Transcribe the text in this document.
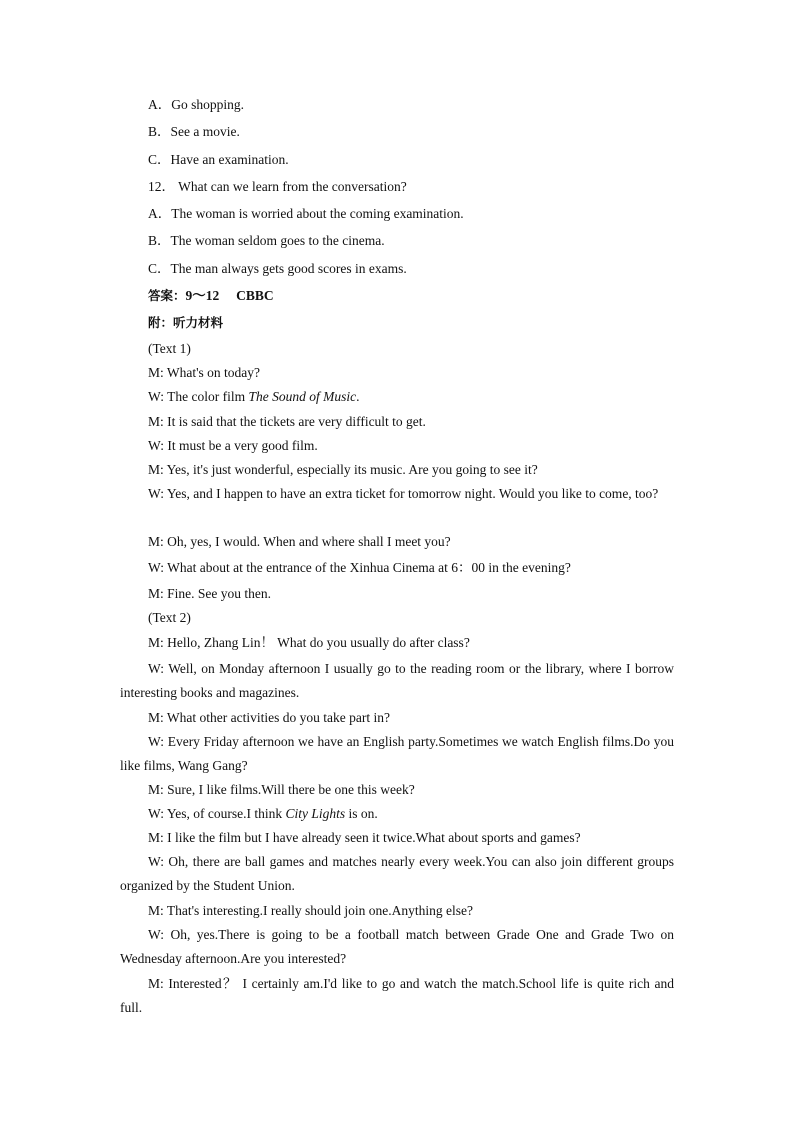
A．Go shopping.
B．See a movie.
C．Have an examination.
12． What can we learn from the conversation?
A．The woman is worried about the coming examination.
B．The woman seldom goes to the cinema.
C．The man always gets good scores in exams.
答案：9～12　 CBBC
附：听力材料
(Text 1)
M: What's on today?
W: The color film The Sound of Music.
M: It is said that the tickets are very difficult to get.
W: It must be a very good film.
M: Yes, it's just wonderful, especially its music. Are you going to see it?
W: Yes, and I happen to have an extra ticket for tomorrow night. Would you like to come, too?
M: Oh, yes, I would. When and where shall I meet you?
W: What about at the entrance of the Xinhua Cinema at 6：00 in the evening?
M: Fine. See you then.
(Text 2)
M: Hello, Zhang Lin！ What do you usually do after class?
W: Well, on Monday afternoon I usually go to the reading room or the library, where I borrow interesting books and magazines.
M: What other activities do you take part in?
W: Every Friday afternoon we have an English party.Sometimes we watch English films.Do you like films, Wang Gang?
M: Sure, I like films.Will there be one this week?
W: Yes, of course.I think City Lights is on.
M: I like the film but I have already seen it twice.What about sports and games?
W: Oh, there are ball games and matches nearly every week.You can also join different groups organized by the Student Union.
M: That's interesting.I really should join one.Anything else?
W: Oh, yes.There is going to be a football match between Grade One and Grade Two on Wednesday afternoon.Are you interested?
M: Interested？ I certainly am.I'd like to go and watch the match.School life is quite rich and full.
